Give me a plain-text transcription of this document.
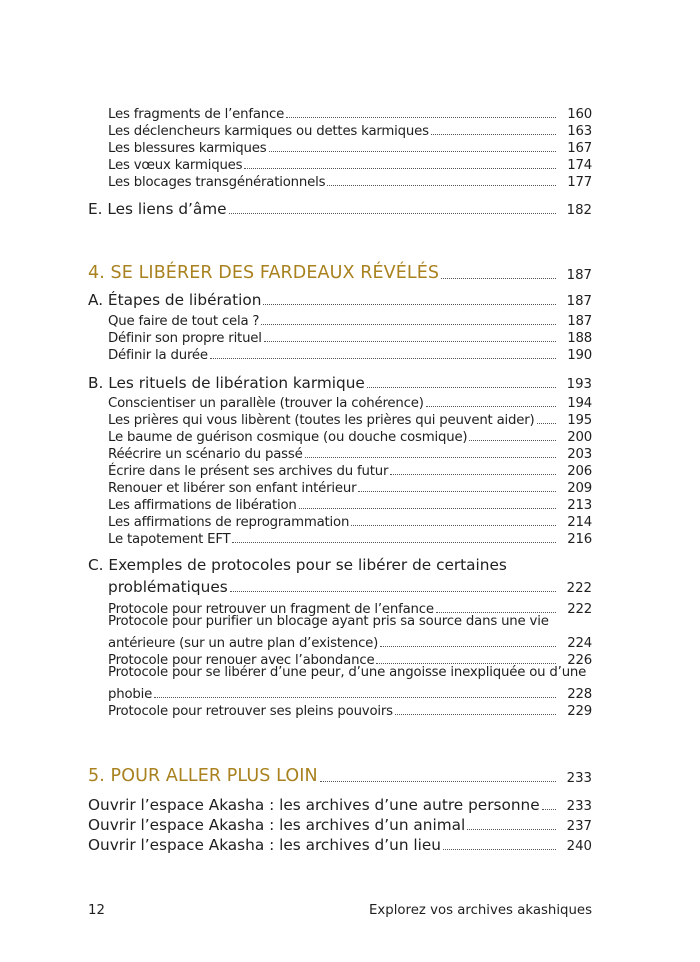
Les fragments de l’enfance	160
Les déclencheurs karmiques ou dettes karmiques	163
Les blessures karmiques	167
Les vœux karmiques	174
Les blocages transgénérationnels	177
E. Les liens d’âme	182
4. SE LIBÉRER DES FARDEAUX RÉVÉLÉS	187
A. Étapes de libération	187
Que faire de tout cela ?	187
Définir son propre rituel	188
Définir la durée	190
B. Les rituels de libération karmique	193
Conscientiser un parallèle (trouver la cohérence)	194
Les prières qui vous libèrent (toutes les prières qui peuvent aider)	195
Le baume de guérison cosmique (ou douche cosmique)	200
Réécrire un scénario du passé	203
Écrire dans le présent ses archives du futur	206
Renouer et libérer son enfant intérieur	209
Les affirmations de libération	213
Les affirmations de reprogrammation	214
Le tapotement EFT	216
C. Exemples de protocoles pour se libérer de certaines
problématiques	222
Protocole pour retrouver un fragment de l’enfance	222
Protocole pour purifier un blocage ayant pris sa source dans une vie
antérieure (sur un autre plan d’existence)	224
Protocole pour renouer avec l’abondance	226
Protocole pour se libérer d’une peur, d’une angoisse inexpliquée ou d’une
phobie	228
Protocole pour retrouver ses pleins pouvoirs	229
5. POUR ALLER PLUS LOIN	233
Ouvrir l’espace Akasha : les archives d’une autre personne	233
Ouvrir l’espace Akasha : les archives d’un animal	237
Ouvrir l’espace Akasha : les archives d’un lieu	240
12	Explorez vos archives akashiques
